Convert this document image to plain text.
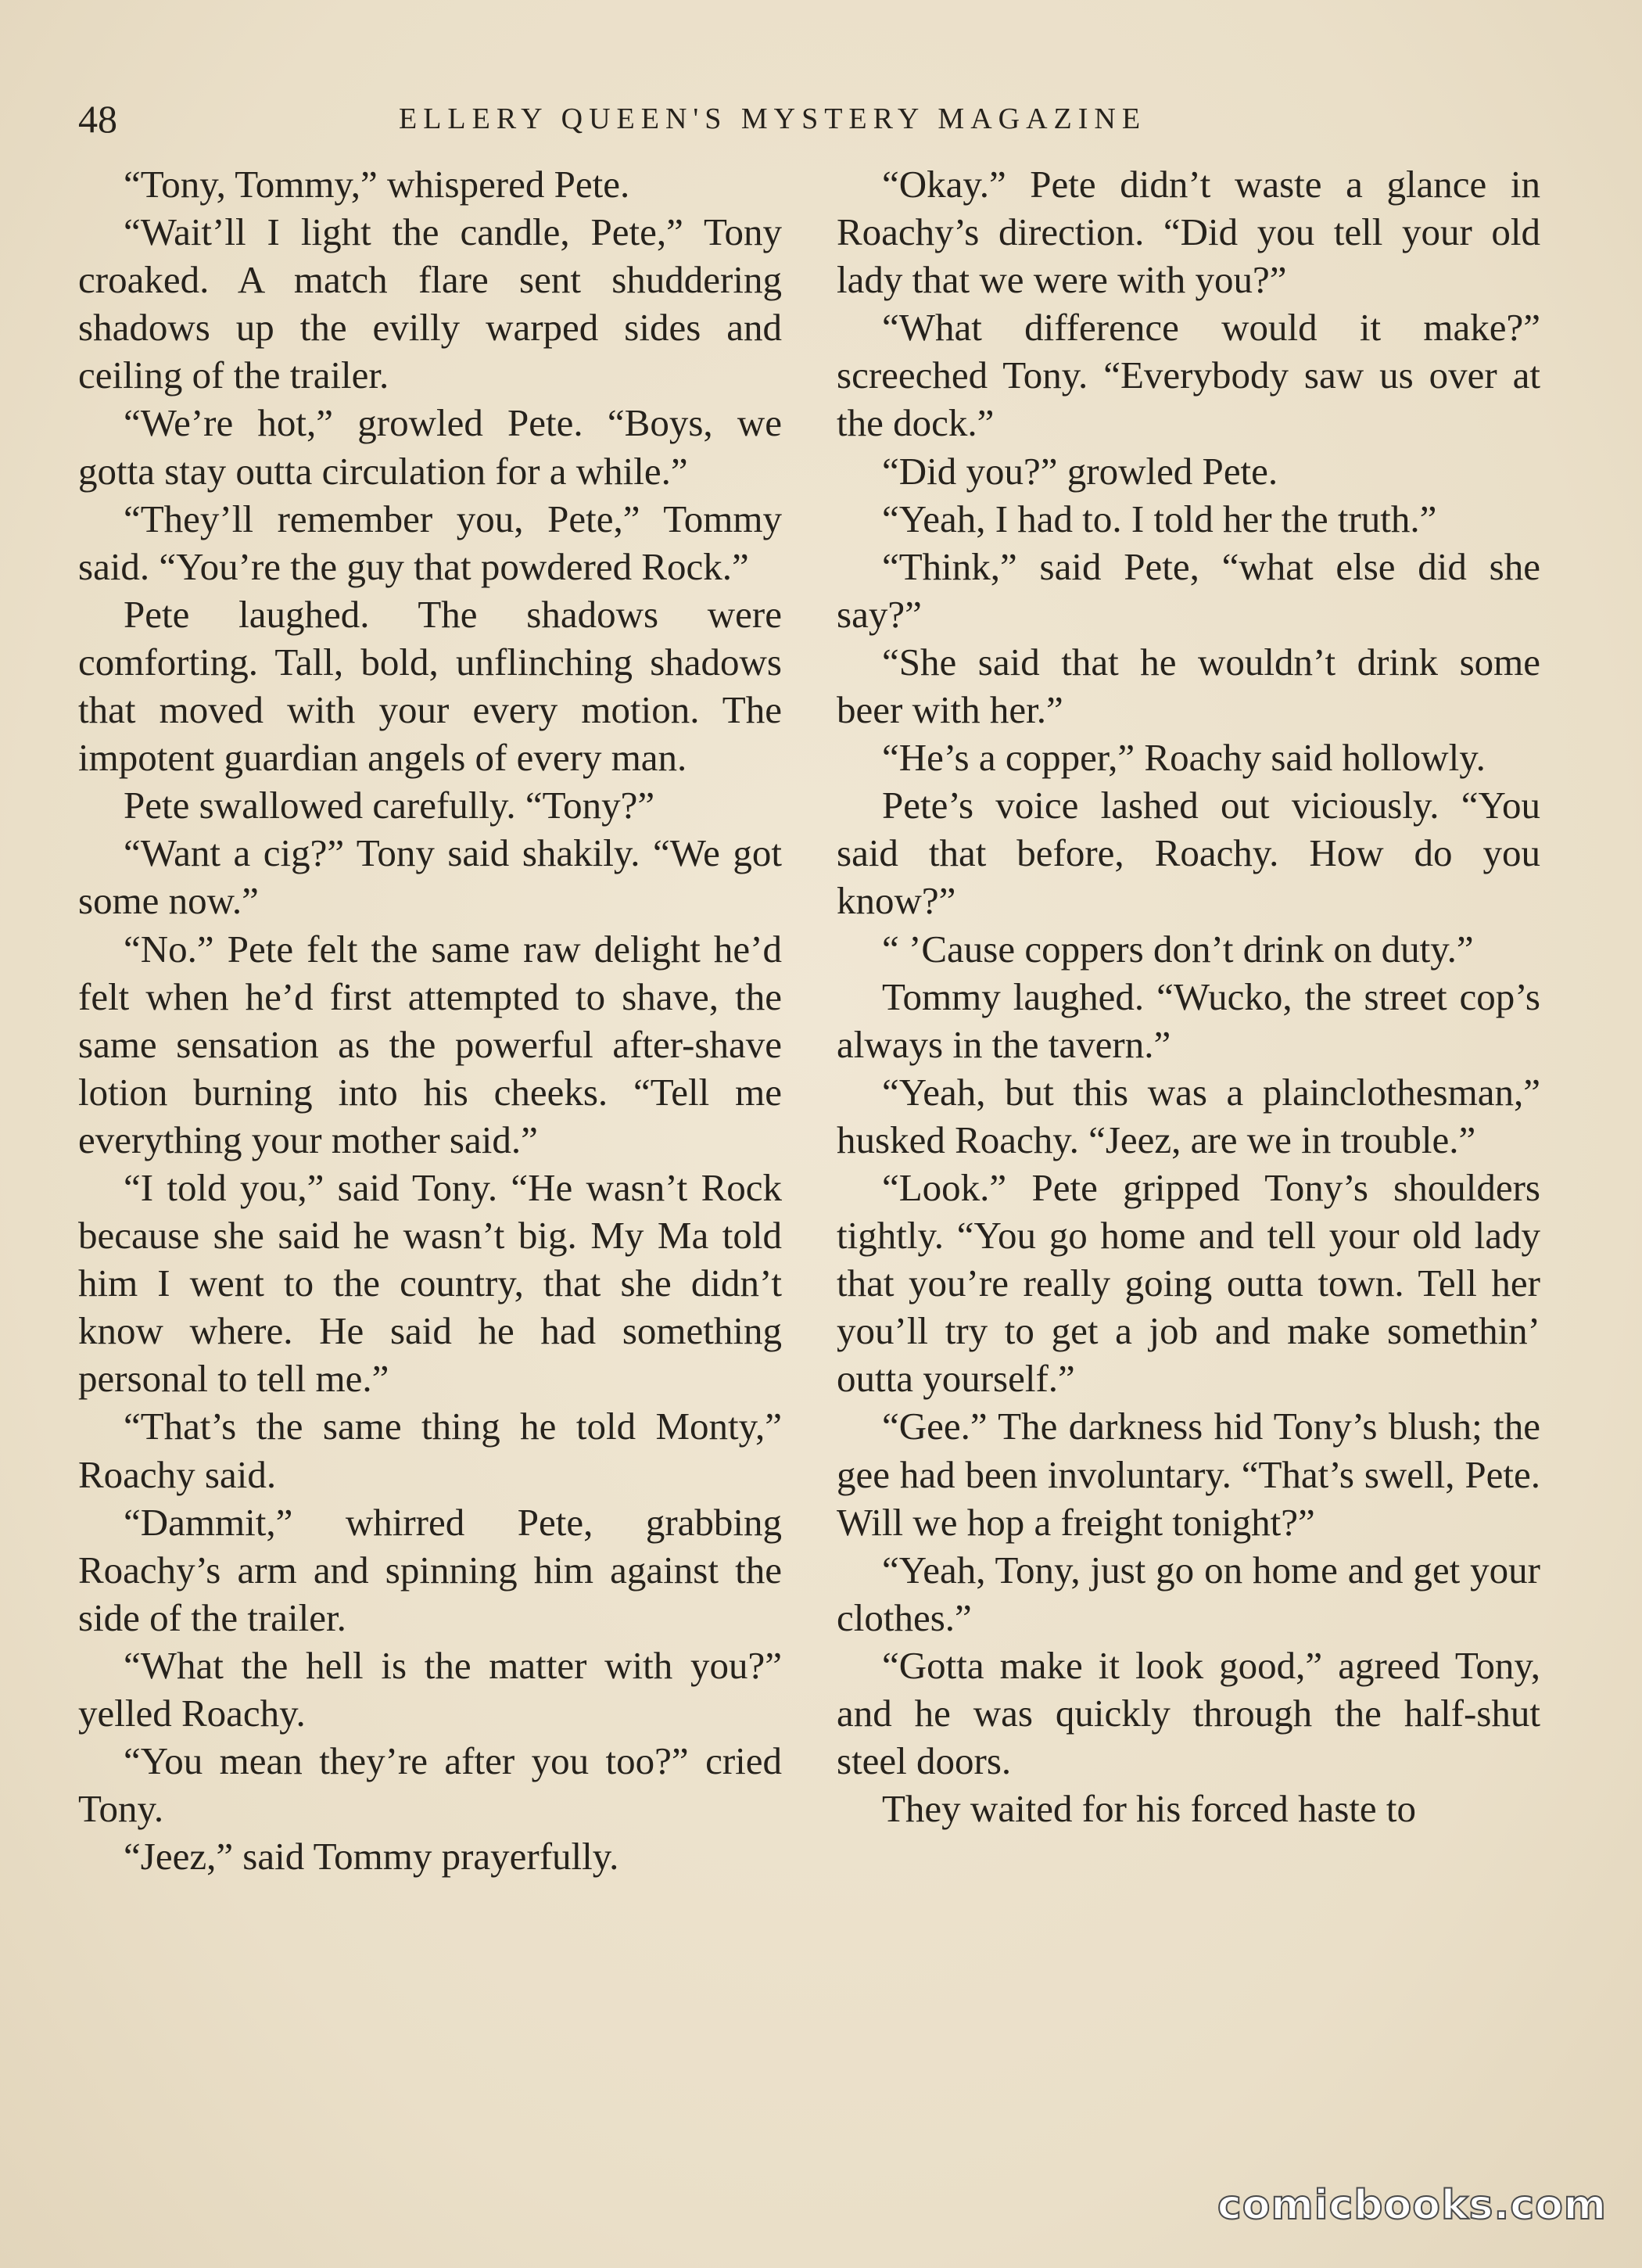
48	ELLERY QUEEN'S MYSTERY MAGAZINE

“Tony, Tommy,” whispered Pete.

“Wait’ll I light the candle, Pete,” Tony croaked. A match flare sent shuddering shadows up the evilly warped sides and ceiling of the trailer.

“We’re hot,” growled Pete. “Boys, we gotta stay outta circulation for a while.”

“They’ll remember you, Pete,” Tommy said. “You’re the guy that powdered Rock.”

Pete laughed. The shadows were comforting. Tall, bold, unflinching shadows that moved with your every motion. The impotent guardian angels of every man.

Pete swallowed carefully. “Tony?”

“Want a cig?” Tony said shakily. “We got some now.”

“No.” Pete felt the same raw delight he’d felt when he’d first attempted to shave, the same sensation as the powerful after-shave lotion burning into his cheeks. “Tell me everything your mother said.”

“I told you,” said Tony. “He wasn’t Rock because she said he wasn’t big. My Ma told him I went to the country, that she didn’t know where. He said he had something personal to tell me.”

“That’s the same thing he told Monty,” Roachy said.

“Dammit,” whirred Pete, grabbing Roachy’s arm and spinning him against the side of the trailer.

“What the hell is the matter with you?” yelled Roachy.

“You mean they’re after you too?” cried Tony.

“Jeez,” said Tommy prayerfully.

“Okay.” Pete didn’t waste a glance in Roachy’s direction. “Did you tell your old lady that we were with you?”

“What difference would it make?” screeched Tony. “Everybody saw us over at the dock.”

“Did you?” growled Pete.

“Yeah, I had to. I told her the truth.”

“Think,” said Pete, “what else did she say?”

“She said that he wouldn’t drink some beer with her.”

“He’s a copper,” Roachy said hollowly.

Pete’s voice lashed out viciously. “You said that before, Roachy. How do you know?”

“ ’Cause coppers don’t drink on duty.”

Tommy laughed. “Wucko, the street cop’s always in the tavern.”

“Yeah, but this was a plainclothesman,” husked Roachy. “Jeez, are we in trouble.”

“Look.” Pete gripped Tony’s shoulders tightly. “You go home and tell your old lady that you’re really going outta town. Tell her you’ll try to get a job and make somethin’ outta yourself.”

“Gee.” The darkness hid Tony’s blush; the gee had been involuntary. “That’s swell, Pete. Will we hop a freight tonight?”

“Yeah, Tony, just go on home and get your clothes.”

“Gotta make it look good,” agreed Tony, and he was quickly through the half-shut steel doors.

They waited for his forced haste to

comicbooks.com
